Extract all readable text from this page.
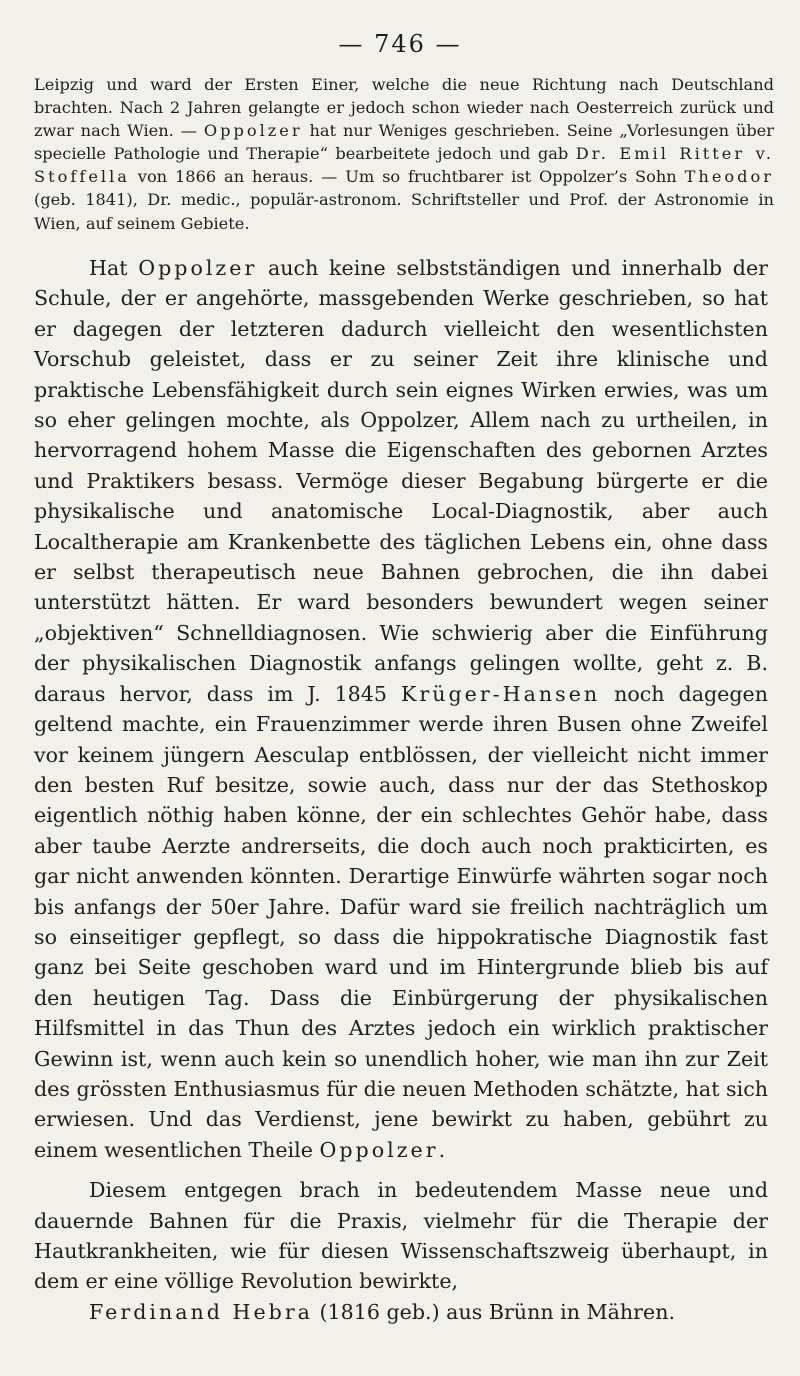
— 746 —

Leipzig und ward der Ersten Einer, welche die neue Richtung nach Deutschland brachten. Nach 2 Jahren gelangte er jedoch schon wieder nach Oesterreich zurück und zwar nach Wien. — Oppolzer hat nur Weniges geschrieben. Seine „Vorlesungen über specielle Pathologie und Therapie“ bearbeitete jedoch und gab Dr. Emil Ritter v. Stoffella von 1866 an heraus. — Um so fruchtbarer ist Oppolzer’s Sohn Theodor (geb. 1841), Dr. medic., populär-astronom. Schriftsteller und Prof. der Astronomie in Wien, auf seinem Gebiete.

Hat Oppolzer auch keine selbstständigen und innerhalb der Schule, der er angehörte, massgebenden Werke geschrieben, so hat er dagegen der letzteren dadurch vielleicht den wesentlichsten Vorschub geleistet, dass er zu seiner Zeit ihre klinische und praktische Lebensfähigkeit durch sein eignes Wirken erwies, was um so eher gelingen mochte, als Oppolzer, Allem nach zu urtheilen, in hervorragend hohem Masse die Eigenschaften des gebornen Arztes und Praktikers besass. Vermöge dieser Begabung bürgerte er die physikalische und anatomische Local-Diagnostik, aber auch Localtherapie am Krankenbette des täglichen Lebens ein, ohne dass er selbst therapeutisch neue Bahnen gebrochen, die ihn dabei unterstützt hätten. Er ward besonders bewundert wegen seiner „objektiven“ Schnelldiagnosen. Wie schwierig aber die Einführung der physikalischen Diagnostik anfangs gelingen wollte, geht z. B. daraus hervor, dass im J. 1845 Krüger-Hansen noch dagegen geltend machte, ein Frauenzimmer werde ihren Busen ohne Zweifel vor keinem jüngern Aesculap entblössen, der vielleicht nicht immer den besten Ruf besitze, sowie auch, dass nur der das Stethoskop eigentlich nöthig haben könne, der ein schlechtes Gehör habe, dass aber taube Aerzte andrerseits, die doch auch noch prakticirten, es gar nicht anwenden könnten. Derartige Einwürfe währten sogar noch bis anfangs der 50er Jahre. Dafür ward sie freilich nachträglich um so einseitiger gepflegt, so dass die hippokratische Diagnostik fast ganz bei Seite geschoben ward und im Hintergrunde blieb bis auf den heutigen Tag. Dass die Einbürgerung der physikalischen Hilfsmittel in das Thun des Arztes jedoch ein wirklich praktischer Gewinn ist, wenn auch kein so unendlich hoher, wie man ihn zur Zeit des grössten Enthusiasmus für die neuen Methoden schätzte, hat sich erwiesen. Und das Verdienst, jene bewirkt zu haben, gebührt zu einem wesentlichen Theile Oppolzer.

Diesem entgegen brach in bedeutendem Masse neue und dauernde Bahnen für die Praxis, vielmehr für die Therapie der Hautkrankheiten, wie für diesen Wissenschaftszweig überhaupt, in dem er eine völlige Revolution bewirkte,

Ferdinand Hebra (1816 geb.) aus Brünn in Mähren.
